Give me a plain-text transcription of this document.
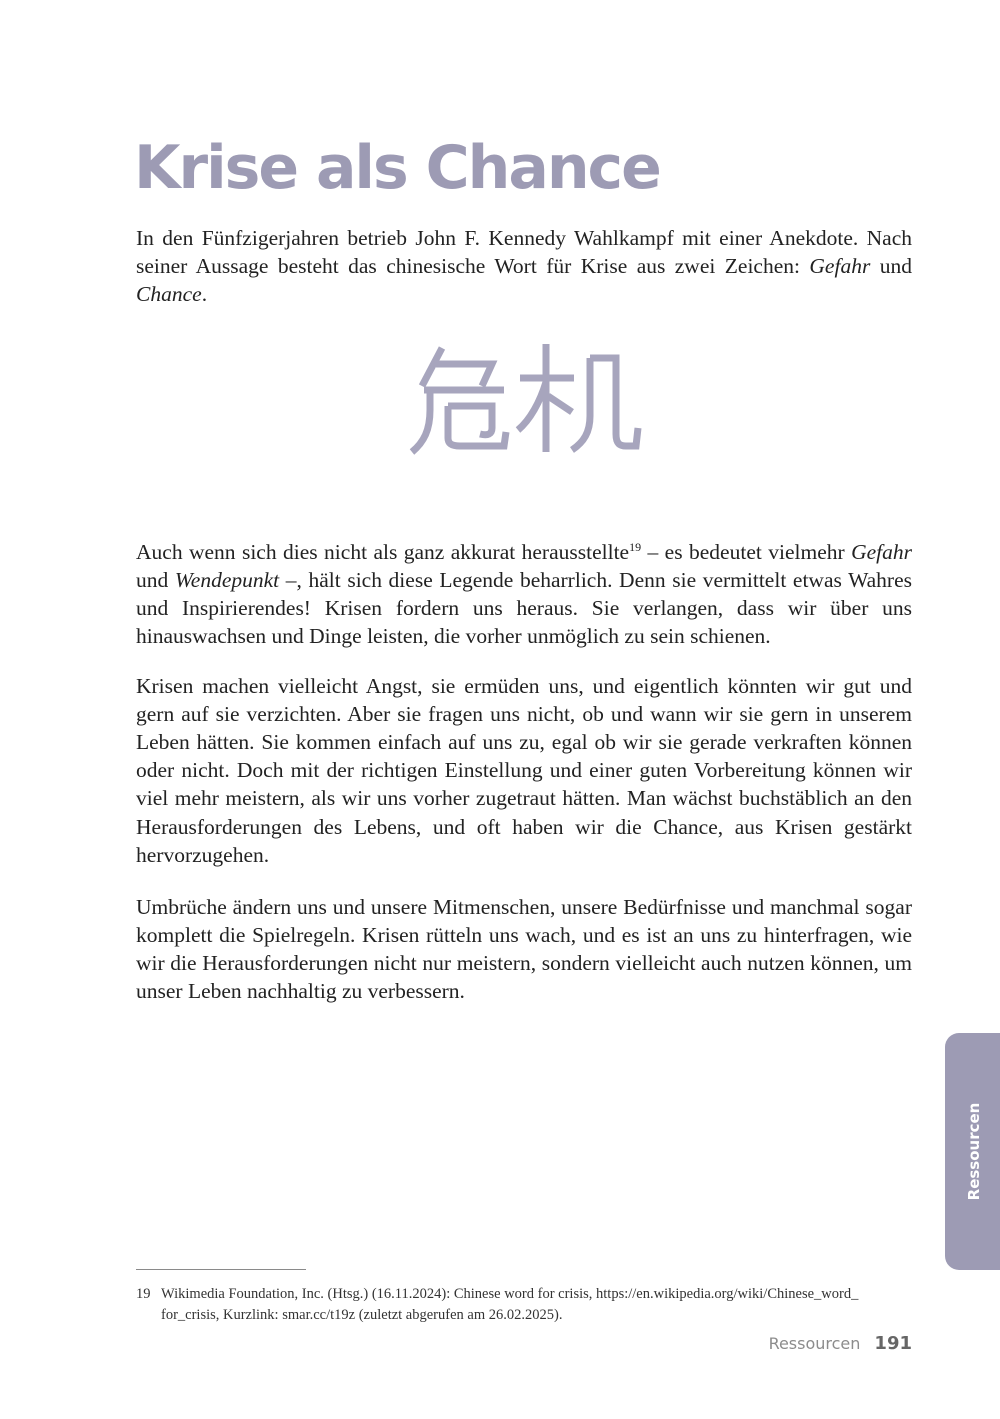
Krise als Chance

In den Fünfzigerjahren betrieb John F. Kennedy Wahlkampf mit einer Anekdote. Nach seiner Aussage besteht das chinesische Wort für Krise aus zwei Zeichen: Gefahr und Chance.

Auch wenn sich dies nicht als ganz akkurat herausstellte$^{19}$ – es bedeutet vielmehr Gefahr und Wendepunkt –, hält sich diese Legende beharrlich. Denn sie vermittelt etwas Wahres und Inspirierendes! Krisen fordern uns heraus. Sie verlangen, dass wir über uns hinauswachsen und Dinge leisten, die vorher unmöglich zu sein schienen.

Krisen machen vielleicht Angst, sie ermüden uns, und eigentlich könnten wir gut und gern auf sie verzichten. Aber sie fragen uns nicht, ob und wann wir sie gern in unserem Leben hätten. Sie kommen einfach auf uns zu, egal ob wir sie gerade verkraften können oder nicht. Doch mit der richtigen Einstellung und einer guten Vorbereitung können wir viel mehr meistern, als wir uns vorher zugetraut hätten. Man wächst buchstäblich an den Herausforderungen des Lebens, und oft haben wir die Chance, aus Krisen gestärkt hervorzugehen.

Umbrüche ändern uns und unsere Mitmenschen, unsere Bedürfnisse und manchmal sogar komplett die Spielregeln. Krisen rütteln uns wach, und es ist an uns zu hinterfragen, wie wir die Herausforderungen nicht nur meistern, sondern vielleicht auch nutzen können, um unser Leben nachhaltig zu verbessern.

19 Wikimedia Foundation, Inc. (Htsg.) (16.11.2024): Chinese word for crisis, https://en.wikipedia.org/wiki/Chinese_word_​for_crisis, Kurzlink: smar.cc/t19z (zuletzt abgerufen am 26.02.2025).
Ressourcen 191
Ressourcen
